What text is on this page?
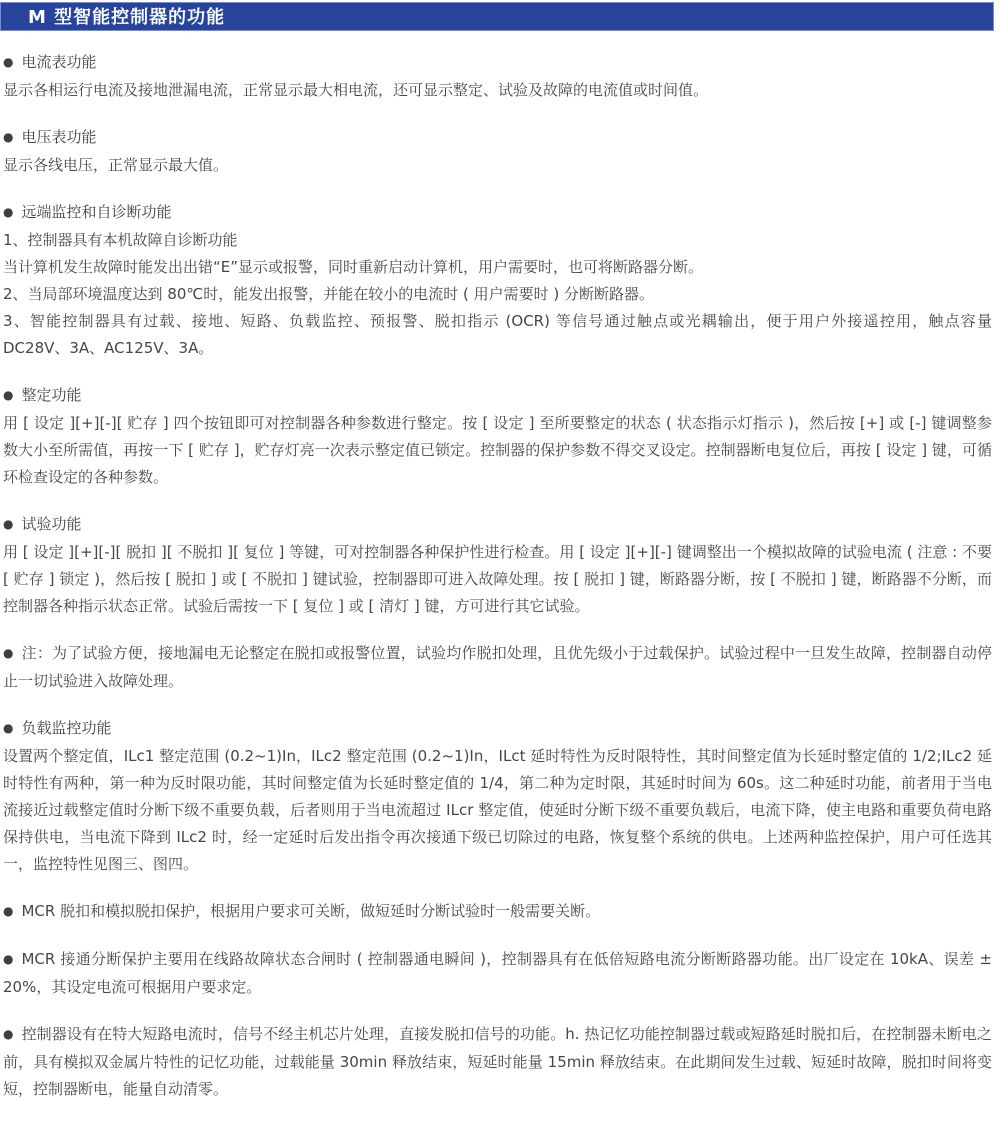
M 型智能控制器的功能

● 电流表功能

显示各相运行电流及接地泄漏电流，正常显示最大相电流，还可显示整定、试验及故障的电流值或时间值。

● 电压表功能

显示各线电压，正常显示最大值。

● 远端监控和自诊断功能

1、控制器具有本机故障自诊断功能

当计算机发生故障时能发出出错“E”显示或报警，同时重新启动计算机，用户需要时，也可将断路器分断。

2、当局部环境温度达到 80℃时，能发出报警，并能在较小的电流时 ( 用户需要时 ) 分断断路器。

3、智能控制器具有过载、接地、短路、负载监控、预报警、脱扣指示 (OCR) 等信号通过触点或光耦输出，便于用户外接遥控用，触点容量 DC28V、3A、AC125V、3A。

● 整定功能

用 [ 设定 ][+][-][ 贮存 ] 四个按钮即可对控制器各种参数进行整定。按 [ 设定 ] 至所要整定的状态 ( 状态指示灯指示 )，然后按 [+] 或 [-] 键调整参数大小至所需值，再按一下 [ 贮存 ]，贮存灯亮一次表示整定值已锁定。控制器的保护参数不得交叉设定。控制器断电复位后，再按 [ 设定 ] 键，可循环检查设定的各种参数。

● 试验功能

用 [ 设定 ][+][-][ 脱扣 ][ 不脱扣 ][ 复位 ] 等键，可对控制器各种保护性进行检查。用 [ 设定 ][+][-] 键调整出一个模拟故障的试验电流 ( 注意 : 不要 [ 贮存 ] 锁定 )，然后按 [ 脱扣 ] 或 [ 不脱扣 ] 键试验，控制器即可进入故障处理。按 [ 脱扣 ] 键，断路器分断，按 [ 不脱扣 ] 键，断路器不分断，而控制器各种指示状态正常。试验后需按一下 [ 复位 ] 或 [ 清灯 ] 键，方可进行其它试验。

● 注：为了试验方便，接地漏电无论整定在脱扣或报警位置，试验均作脱扣处理，且优先级小于过载保护。试验过程中一旦发生故障，控制器自动停止一切试验进入故障处理。

● 负载监控功能

设置两个整定值，ILc1 整定范围 (0.2~1)In，ILc2 整定范围 (0.2~1)In，ILct 延时特性为反时限特性，其时间整定值为长延时整定值的 1/2;ILc2 延时特性有两种，第一种为反时限功能，其时间整定值为长延时整定值的 1/4，第二种为定时限，其延时时间为 60s。这二种延时功能，前者用于当电流接近过载整定值时分断下级不重要负载，后者则用于当电流超过 ILcr 整定值，使延时分断下级不重要负载后，电流下降，使主电路和重要负荷电路保持供电，当电流下降到 ILc2 时，经一定延时后发出指令再次接通下级已切除过的电路，恢复整个系统的供电。上述两种监控保护，用户可任选其一，监控特性见图三、图四。

● MCR 脱扣和模拟脱扣保护，根据用户要求可关断，做短延时分断试验时一般需要关断。

● MCR 接通分断保护主要用在线路故障状态合闸时 ( 控制器通电瞬间 )，控制器具有在低倍短路电流分断断路器功能。出厂设定在 10kA、误差 ± 20%，其设定电流可根据用户要求定。

● 控制器设有在特大短路电流时，信号不经主机芯片处理，直接发脱扣信号的功能。h. 热记忆功能控制器过载或短路延时脱扣后，在控制器未断电之前，具有模拟双金属片特性的记忆功能，过载能量 30min 释放结束，短延时能量 15min 释放结束。在此期间发生过载、短延时故障，脱扣时间将变短，控制器断电，能量自动清零。
